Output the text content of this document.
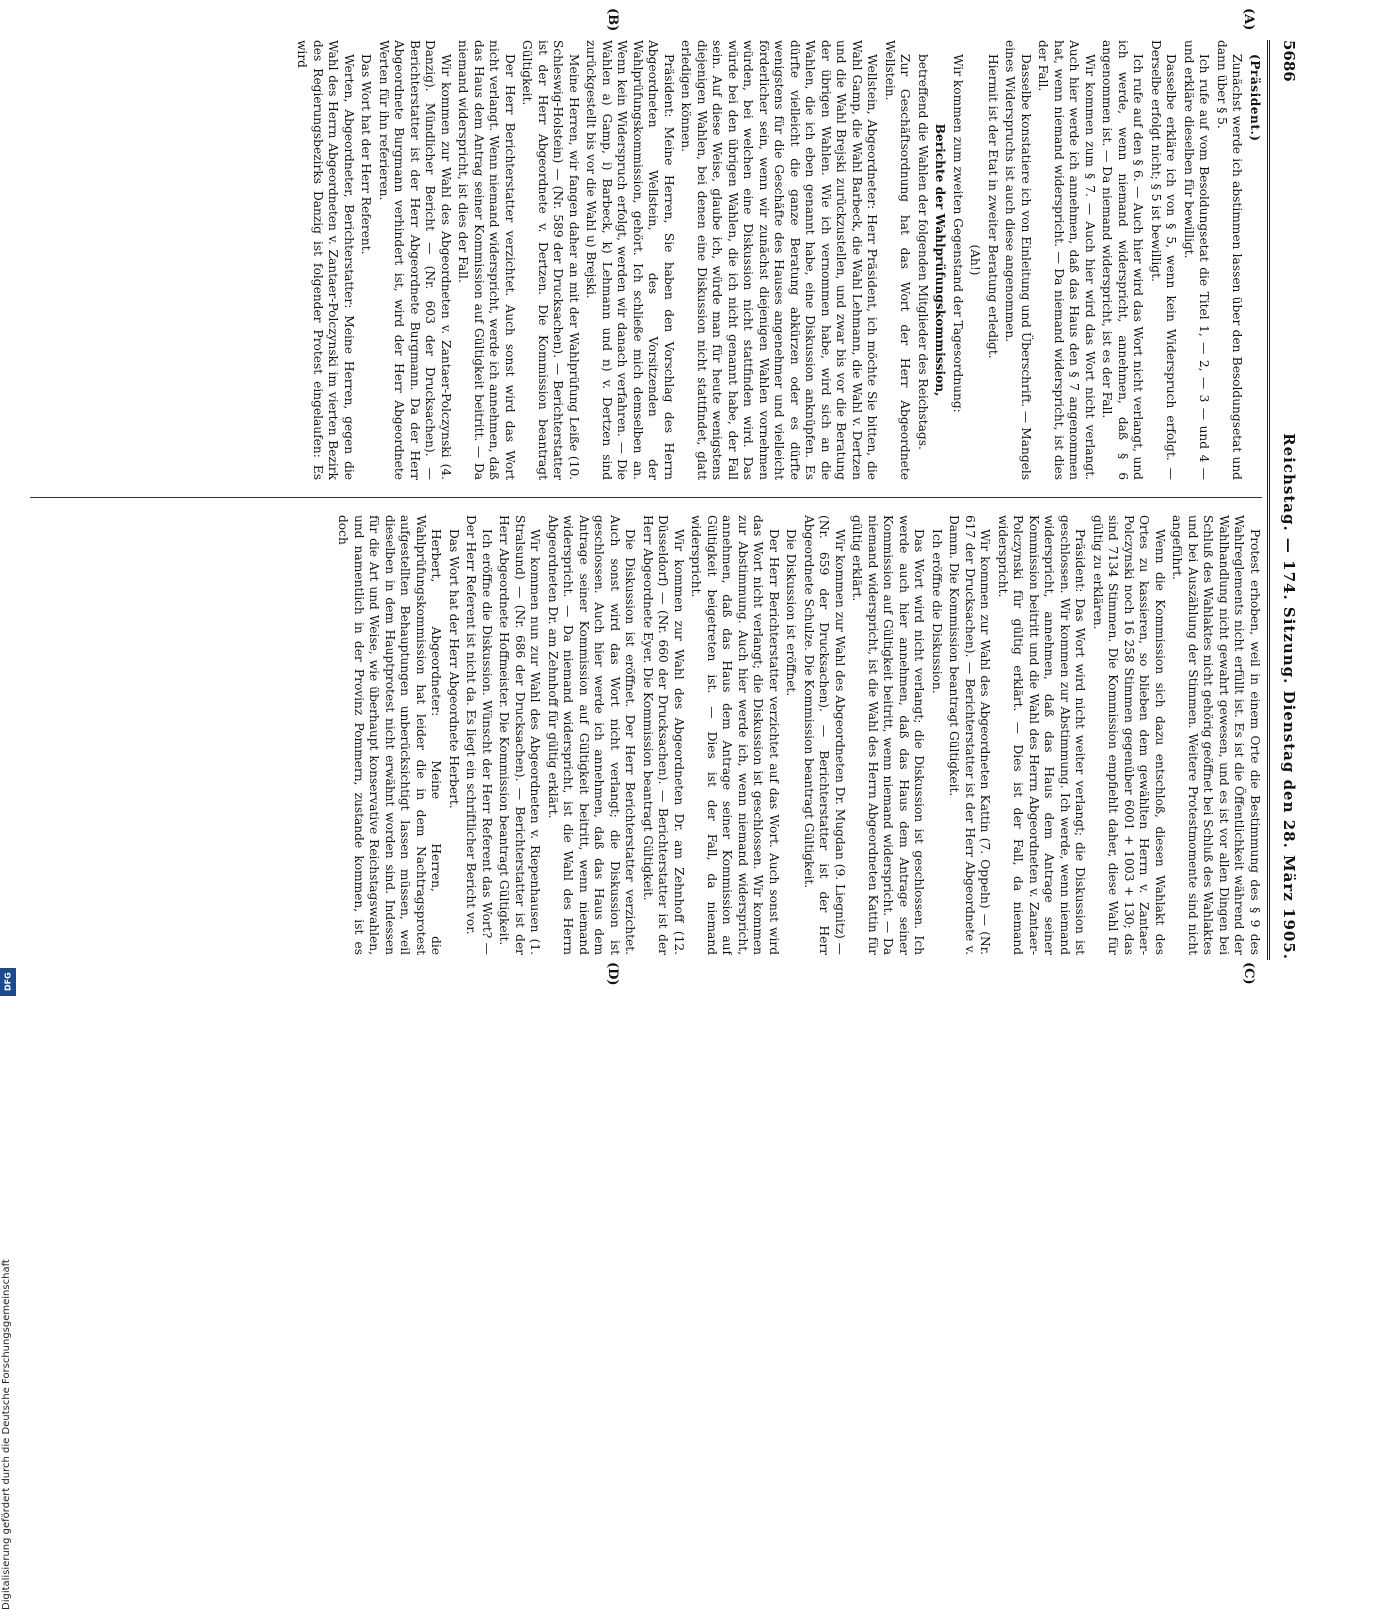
5686
Reichstag. — 174. Sitzung. Dienstag den 28. März 1905.
(A)
(B)
(C)
(D)

(Präsident.)

Zunächst werde ich abstimmen lassen über den Besoldungsetat und dann über § 5.

Ich rufe auf vom Besoldungsetat die Titel 1, — 2, — 3 — und 4 — und erkläre dieselben für bewilligt.

Dasselbe erkläre ich von § 5, wenn kein Widerspruch erfolgt. — Derselbe erfolgt nicht; § 5 ist bewilligt.

Ich rufe auf den § 6. — Auch hier wird das Wort nicht verlangt, und ich werde, wenn niemand widerspricht, annehmen, daß § 6 angenommen ist. — Da niemand widerspricht, ist es der Fall.

Wir kommen zum § 7. — Auch hier wird das Wort nicht verlangt. Auch hier werde ich annehmen, daß das Haus den § 7 angenommen hat, wenn niemand widerspricht. — Da niemand widerspricht, ist dies der Fall.

Dasselbe konstatiere ich von Einleitung und Überschrift. — Mangels eines Widerspruchs ist auch diese angenommen.

Hiermit ist der Etat in zweiter Beratung erledigt.

(Ah!)

Wir kommen zum zweiten Gegenstand der Tagesordnung:

Berichte der Wahlprüfungskommission,

betreffend die Wahlen der folgenden Mitglieder des Reichstags.

Zur Geschäftsordnung hat das Wort der Herr Abgeordnete Wellstein.

Wellstein, Abgeordneter: Herr Präsident, ich möchte Sie bitten, die Wahl Gamp, die Wahl Barbeck, die Wahl Lehmann, die Wahl v. Dertzen und die Wahl Brejski zurückzustellen, und zwar bis vor die Beratung der übrigen Wahlen. Wie ich vernommen habe, wird sich an die Wahlen, die ich eben genannt habe, eine Diskussion anknüpfen. Es dürfte vielleicht die ganze Beratung abkürzen oder es dürfte wenigstens für die Geschäfte des Hauses angenehmer und vielleicht förderlicher sein, wenn wir zunächst diejenigen Wahlen vornehmen würden, bei welchen eine Diskussion nicht stattfinden wird. Das würde bei den übrigen Wahlen, die ich nicht genannt habe, der Fall sein. Auf diese Weise, glaube ich, würde man für heute wenigstens diejenigen Wahlen, bei denen eine Diskussion nicht stattfindet, glatt erledigen können.

Präsident: Meine Herren, Sie haben den Vorschlag des Herrn Abgeordneten Wellstein, des Vorsitzenden der Wahlprüfungskommission, gehört. Ich schließe mich demselben an. Wenn kein Widerspruch erfolgt, werden wir danach verfahren. — Die Wahlen a) Gamp, i) Barbeck, k) Lehmann und n) v. Dertzen sind zurückgestellt bis vor die Wahl u) Brejski.

Meine Herren, wir fangen daher an mit der Wahlprüfung Leiße (10. Schleswig-Holstein) — (Nr. 589 der Drucksachen). — Berichterstatter ist der Herr Abgeordnete v. Dertzen. Die Kommission beantragt Gültigkeit.

Der Herr Berichterstatter verzichtet. Auch sonst wird das Wort nicht verlangt. Wenn niemand widerspricht, werde ich annehmen, daß das Haus dem Antrag seiner Kommission auf Gültigkeit beitritt. — Da niemand widerspricht, ist dies der Fall.

Wir kommen zur Wahl des Abgeordneten v. Zantaer-Polczynski (4. Danzig). Mündlicher Bericht — (Nr. 603 der Drucksachen). — Berichterstatter ist der Herr Abgeordnete Burgmann. Da der Herr Abgeordnete Burgmann verhindert ist, wird der Herr Abgeordnete Werten für ihn referieren.

Das Wort hat der Herr Referent.

Werten, Abgeordneter, Berichterstatter: Meine Herren, gegen die Wahl des Herrn Abgeordneten v. Zantaer-Polczynski im vierten Bezirk des Regierungsbezirks Danzig ist folgender Protest eingelaufen: Es wird

Protest erhoben, weil in einem Orte die Bestimmung des § 9 des Wahlreglements nicht erfüllt ist. Es ist die Öffentlichkeit während der Wahlhandlung nicht gewahrt gewesen, und es ist vor allen Dingen bei Schluß des Wahlaktes nicht gehörig geöffnet bei Schluß des Wahlaktes und bei Auszählung der Stimmen. Weitere Protestmomente sind nicht angeführt.

Wenn die Kommission sich dazu entschloß, diesen Wahlakt des Ortes zu kassieren, so blieben dem gewählten Herrn v. Zantaer-Polczynski noch 16 258 Stimmen gegenüber 6001 + 1003 + 130; das sind 7134 Stimmen. Die Kommission empfiehlt daher, diese Wahl für gültig zu erklären.

Präsident: Das Wort wird nicht weiter verlangt; die Diskussion ist geschlossen. Wir kommen zur Abstimmung. Ich werde, wenn niemand widerspricht, annehmen, daß das Haus dem Antrage seiner Kommission beitritt und die Wahl des Herrn Abgeordneten v. Zantaer-Polczynski für gültig erklärt. — Dies ist der Fall, da niemand widerspricht.

Wir kommen zur Wahl des Abgeordneten Kattin (7. Oppeln) — (Nr. 617 der Drucksachen). — Berichterstatter ist der Herr Abgeordnete v. Damm. Die Kommission beantragt Gültigkeit.

Ich eröffne die Diskussion.

Das Wort wird nicht verlangt; die Diskussion ist geschlossen. Ich werde auch hier annehmen, daß das Haus dem Antrage seiner Kommission auf Gültigkeit beitritt, wenn niemand widerspricht. — Da niemand widerspricht, ist die Wahl des Herrn Abgeordneten Kattin für gültig erklärt.

Wir kommen zur Wahl des Abgeordneten Dr. Mugdan (9. Liegnitz) — (Nr. 659 der Drucksachen). — Berichterstatter ist der Herr Abgeordnete Schulze. Die Kommission beantragt Gültigkeit.

Die Diskussion ist eröffnet.

Der Herr Berichterstatter verzichtet auf das Wort. Auch sonst wird das Wort nicht verlangt; die Diskussion ist geschlossen. Wir kommen zur Abstimmung. Auch hier werde ich, wenn niemand widerspricht, annehmen, daß das Haus dem Antrage seiner Kommission auf Gültigkeit beigetreten ist. — Dies ist der Fall, da niemand widerspricht.

Wir kommen zur Wahl des Abgeordneten Dr. am Zehnhoff (12. Düsseldorf) — (Nr. 660 der Drucksachen). — Berichterstatter ist der Herr Abgeordnete Eyer. Die Kommission beantragt Gültigkeit.

Die Diskussion ist eröffnet. Der Herr Berichterstatter verzichtet. Auch sonst wird das Wort nicht verlangt; die Diskussion ist geschlossen. Auch hier werde ich annehmen, daß das Haus dem Antrage seiner Kommission auf Gültigkeit beitritt, wenn niemand widerspricht. — Da niemand widerspricht, ist die Wahl des Herrn Abgeordneten Dr. am Zehnhoff für gültig erklärt.

Wir kommen nun zur Wahl des Abgeordneten v. Riepenhausen (1. Stralsund) — (Nr. 686 der Drucksachen). — Berichterstatter ist der Herr Abgeordnete Hoffmeister. Die Kommission beantragt Gültigkeit.

Ich eröffne die Diskussion. Wünscht der Herr Referent das Wort? — Der Herr Referent ist nicht da. Es liegt ein schriftlicher Bericht vor.

Das Wort hat der Herr Abgeordnete Herbert.

Herbert, Abgeordneter: Meine Herren, die Wahlprüfungskommission hat leider die in dem Nachtragsprotest aufgestellten Behauptungen unberücksichtigt lassen müssen, weil dieselben in dem Hauptprotest nicht erwähnt worden sind. Indessen für die Art und Weise, wie überhaupt konservative Reichstagswahlen, und namentlich in der Provinz Pommern, zustande kommen, ist es doch

Digitalisierung gefördert durch die Deutsche Forschungsgemeinschaft
DFG
